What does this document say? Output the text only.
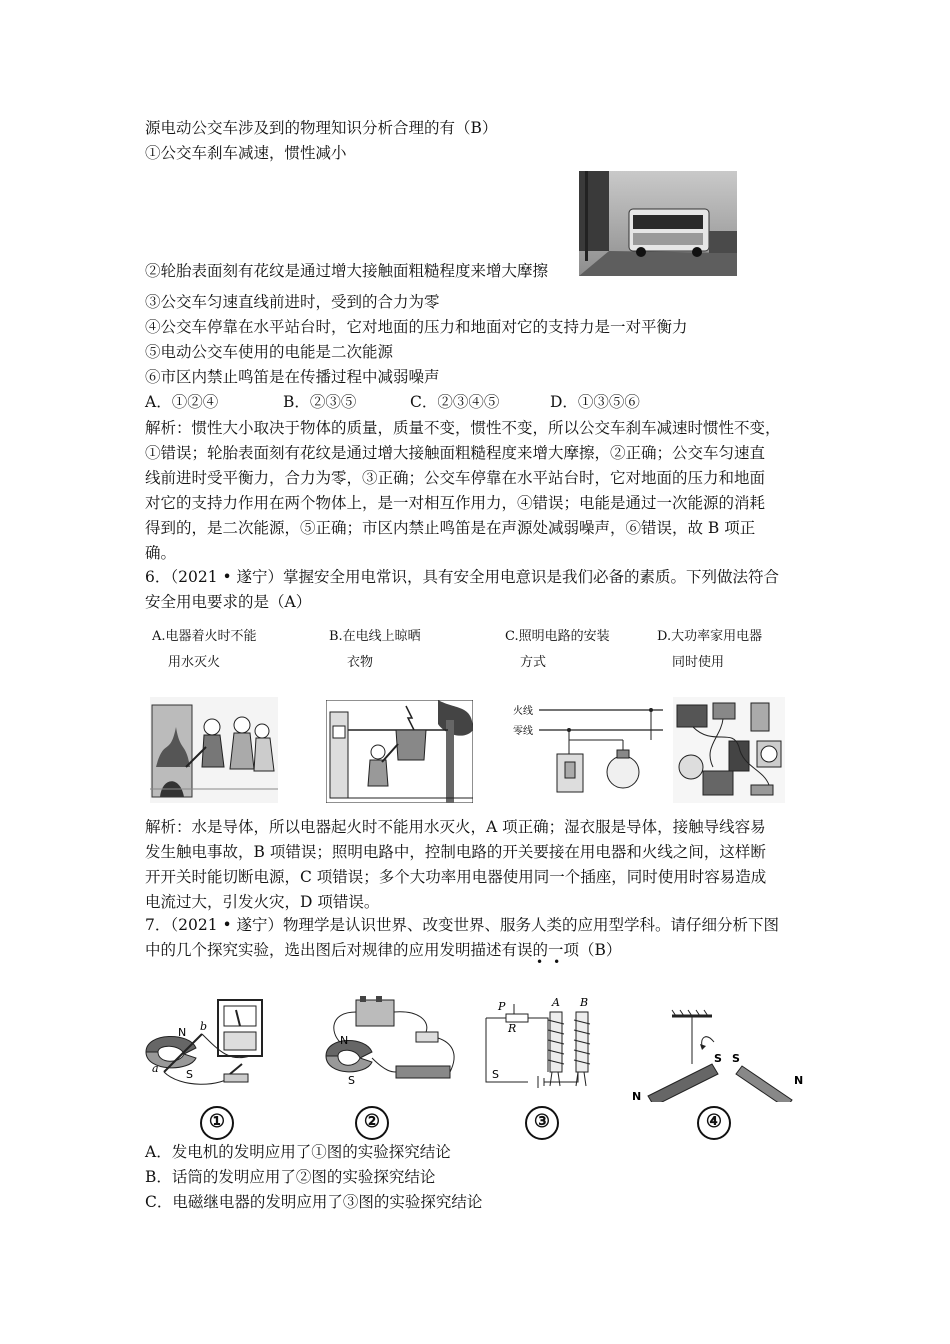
源电动公交车涉及到的物理知识分析合理的有（B）
①公交车刹车减速，惯性减小
②轮胎表面刻有花纹是通过增大接触面粗糙程度来增大摩擦
③公交车匀速直线前进时，受到的合力为零
④公交车停靠在水平站台时，它对地面的压力和地面对它的支持力是一对平衡力
⑤电动公交车使用的电能是二次能源
⑥市区内禁止鸣笛是在传播过程中减弱噪声
A．①②④	B．②③⑤	C．②③④⑤	D．①③⑤⑥
解析：惯性大小取决于物体的质量，质量不变，惯性不变，所以公交车刹车减速时惯性不变，
①错误；轮胎表面刻有花纹是通过增大接触面粗糙程度来增大摩擦，②正确；公交车匀速直
线前进时受平衡力，合力为零，③正确；公交车停靠在水平站台时，它对地面的压力和地面
对它的支持力作用在两个物体上，是一对相互作用力，④错误；电能是通过一次能源的消耗
得到的，是二次能源，⑤正确；市区内禁止鸣笛是在声源处减弱噪声，⑥错误，故 B 项正
确。
6．（2021 • 遂宁）掌握安全用电常识，具有安全用电意识是我们必备的素质。下列做法符合
安全用电要求的是（A）
A.电器着火时不能
用水灭火
B.在电线上晾晒
衣物
C.照明电路的安装
方式
D.大功率家用电器
同时使用
火线
零线
解析：水是导体，所以电器起火时不能用水灭火，A 项正确；湿衣服是导体，接触导线容易
发生触电事故，B 项错误；照明电路中，控制电路的开关要接在用电器和火线之间，这样断
开开关时能切断电源，C 项错误；多个大功率用电器使用同一个插座，同时使用时容易造成
电流过大，引发火灾，D 项错误。
7．（2021 • 遂宁）物理学是认识世界、改变世界、服务人类的应用型学科。请仔细分析下图
中的几个探究实验，选出图后对规律的应用发明描述有误的一项（B）
••
N
S
a
b
①
N
S
②
P
R
A B
S
③
N
S S
N
④
A．发电机的发明应用了①图的实验探究结论
B．话筒的发明应用了②图的实验探究结论
C．电磁继电器的发明应用了③图的实验探究结论
